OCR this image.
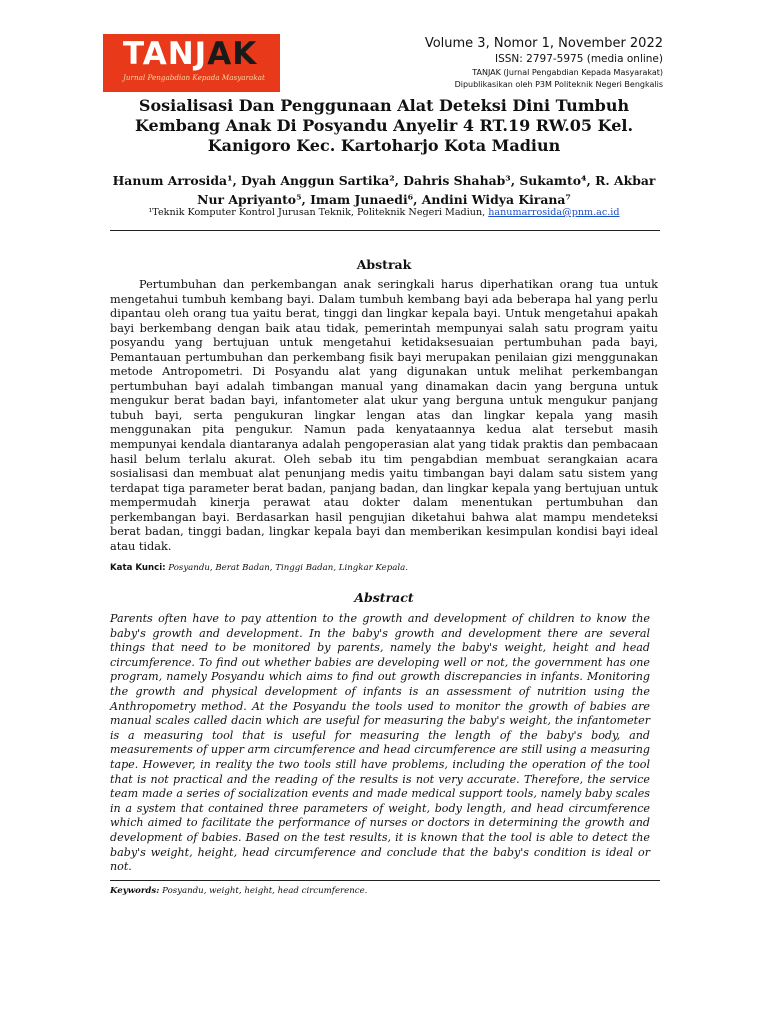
TANJAK
Jurnal Pengabdian Kepada Masyarakat
Volume 3, Nomor 1, November 2022
ISSN: 2797-5975 (media online)
TANJAK (Jurnal Pengabdian Kepada Masyarakat)
Dipublikasikan oleh P3M Politeknik Negeri Bengkalis
Sosialisasi Dan Penggunaan Alat Deteksi Dini Tumbuh Kembang Anak Di Posyandu Anyelir 4 RT.19 RW.05 Kel. Kanigoro Kec. Kartoharjo Kota Madiun
Hanum Arrosida¹, Dyah Anggun Sartika², Dahris Shahab³, Sukamto⁴, R. Akbar Nur Apriyanto⁵, Imam Junaedi⁶, Andini Widya Kirana⁷
¹Teknik Komputer Kontrol Jurusan Teknik, Politeknik Negeri Madiun, hanumarrosida@pnm.ac.id
Abstrak

Pertumbuhan dan perkembangan anak seringkali harus diperhatikan orang tua untuk mengetahui tumbuh kembang bayi. Dalam tumbuh kembang bayi ada beberapa hal yang perlu dipantau oleh orang tua yaitu berat, tinggi dan lingkar kepala bayi. Untuk mengetahui apakah bayi berkembang dengan baik atau tidak, pemerintah mempunyai salah satu program yaitu posyandu yang bertujuan untuk mengetahui ketidaksesuaian pertumbuhan pada bayi, Pemantauan pertumbuhan dan perkembang fisik bayi merupakan penilaian gizi menggunakan metode Antropometri. Di Posyandu alat yang digunakan untuk melihat perkembangan pertumbuhan bayi adalah timbangan manual yang dinamakan dacin yang berguna untuk mengukur berat badan bayi, infantometer alat ukur yang berguna untuk mengukur panjang tubuh bayi, serta pengukuran lingkar lengan atas dan lingkar kepala yang masih menggunakan pita pengukur. Namun pada kenyataannya kedua alat tersebut masih mempunyai kendala diantaranya adalah pengoperasian alat yang tidak praktis dan pembacaan hasil belum terlalu akurat. Oleh sebab itu tim pengabdian membuat serangkaian acara sosialisasi dan membuat alat penunjang medis yaitu timbangan bayi dalam satu sistem yang terdapat tiga parameter berat badan, panjang badan, dan lingkar kepala yang bertujuan untuk mempermudah kinerja perawat atau dokter dalam menentukan pertumbuhan dan perkembangan bayi. Berdasarkan hasil pengujian diketahui bahwa alat mampu mendeteksi berat badan, tinggi badan, lingkar kepala bayi dan memberikan kesimpulan kondisi bayi ideal atau tidak.

Kata Kunci: Posyandu, Berat Badan, Tinggi Badan, Lingkar Kepala.
Abstract

Parents often have to pay attention to the growth and development of children to know the baby's growth and development. In the baby's growth and development there are several things that need to be monitored by parents, namely the baby's weight, height and head circumference. To find out whether babies are developing well or not, the government has one program, namely Posyandu which aims to find out growth discrepancies in infants. Monitoring the growth and physical development of infants is an assessment of nutrition using the Anthropometry method. At the Posyandu the tools used to monitor the growth of babies are manual scales called dacin which are useful for measuring the baby's weight, the infantometer is a measuring tool that is useful for measuring the length of the baby's body, and measurements of upper arm circumference and head circumference are still using a measuring tape. However, in reality the two tools still have problems, including the operation of the tool that is not practical and the reading of the results is not very accurate. Therefore, the service team made a series of socialization events and made medical support tools, namely baby scales in a system that contained three parameters of weight, body length, and head circumference which aimed to facilitate the performance of nurses or doctors in determining the growth and development of babies. Based on the test results, it is known that the tool is able to detect the baby's weight, height, head circumference and conclude that the baby's condition is ideal or not.

Keywords: Posyandu, weight, height, head circumference.
